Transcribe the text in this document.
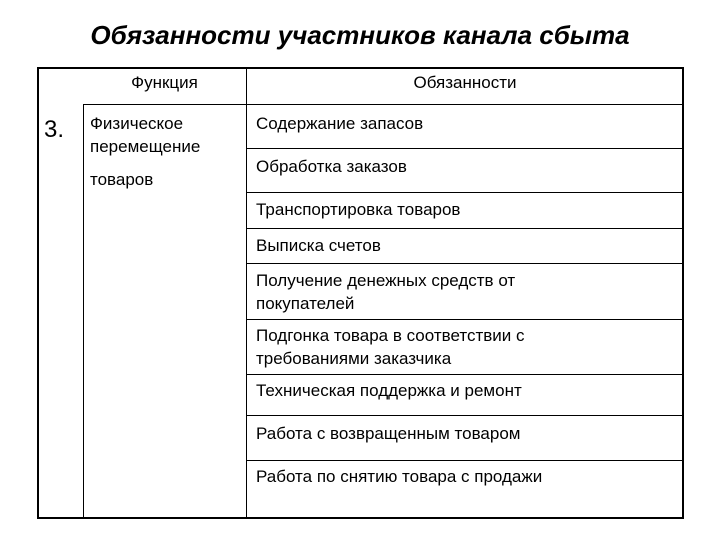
Обязанности участников канала сбыта
Функция	Обязанности
3. Физическое
перемещение
товаров
Содержание запасов
Обработка заказов
Транспортировка товаров
Выписка счетов
Получение денежных средств от
покупателей
Подгонка товара в соответствии с
требованиями заказчика
Техническая поддержка и ремонт
Работа с возвращенным товаром
Работа по снятию товара с продажи
